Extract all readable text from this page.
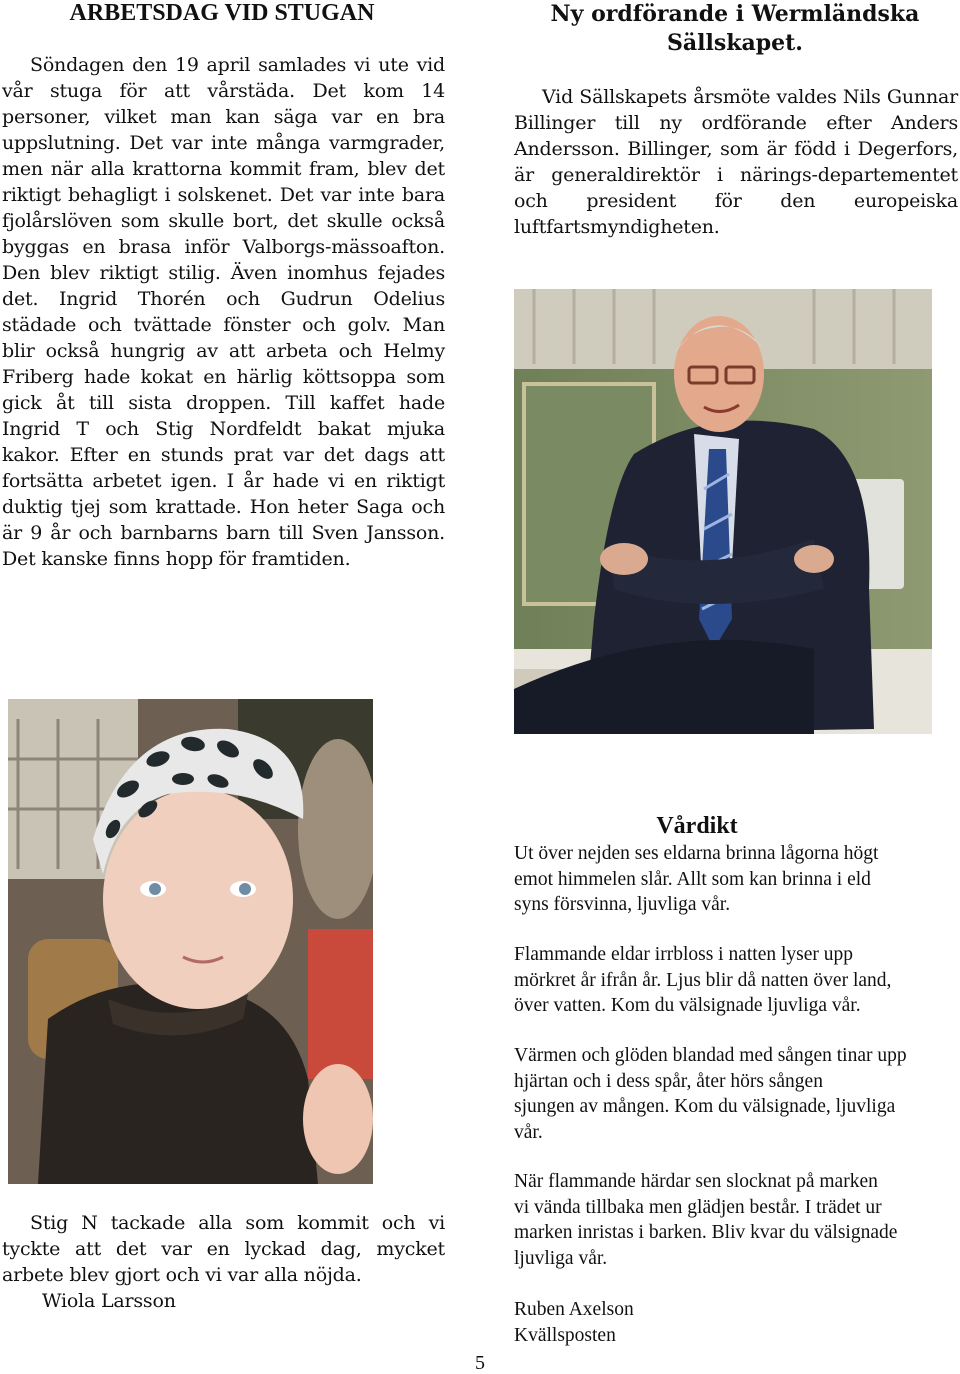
ARBETSDAG VID STUGAN

Söndagen den 19 april samlades vi ute vid vår stuga för att vårstäda. Det kom 14 personer, vilket man kan säga var en bra uppslutning. Det var inte många varmgrader, men när alla krattorna kommit fram, blev det riktigt behagligt i solskenet. Det var inte bara fjolårslöven som skulle bort, det skulle också byggas en brasa inför Valborgs-mässoafton. Den blev riktigt stilig. Även inomhus fejades det. Ingrid Thorén och Gudrun Odelius städade och tvättade fönster och golv. Man blir också hungrig av att arbeta och Helmy Friberg hade kokat en härlig köttsoppa som gick åt till sista droppen. Till kaffet hade Ingrid T och Stig Nordfeldt bakat mjuka kakor. Efter en stunds prat var det dags att fortsätta arbetet igen. I år hade vi en riktigt duktig tjej som krattade. Hon heter Saga och är 9 år och barnbarns barn till Sven Jansson. Det kanske finns hopp för framtiden.

Ny ordförande i Wermländska Sällskapet.

Vid Sällskapets årsmöte valdes Nils Gunnar Billinger till ny ordförande efter Anders Andersson. Billinger, som är född i Degerfors, är generaldirektör i närings-departementet och president för den europeiska luftfartsmyndigheten.

Stig N tackade alla som kommit och vi tyckte att det var en lyckad dag, mycket arbete blev gjort och vi var alla nöjda.

Wiola Larsson

Vårdikt

Ut över nejden ses eldarna brinna lågorna högt

emot himmelen slår. Allt som kan brinna i eld

syns försvinna, ljuvliga vår.

Flammande eldar irrbloss i natten lyser upp

mörkret år ifrån år. Ljus blir då natten över land,

över vatten. Kom du välsignade ljuvliga vår.

Värmen och glöden blandad med sången tinar upp

hjärtan och i dess spår, åter hörs sången

sjungen av mången. Kom du välsignade, ljuvliga

vår.

När flammande härdar sen slocknat på marken

vi vända tillbaka men glädjen består. I trädet ur

marken inristas i barken. Bliv kvar du välsignade

ljuvliga vår.

Ruben Axelson

Kvällsposten

5
